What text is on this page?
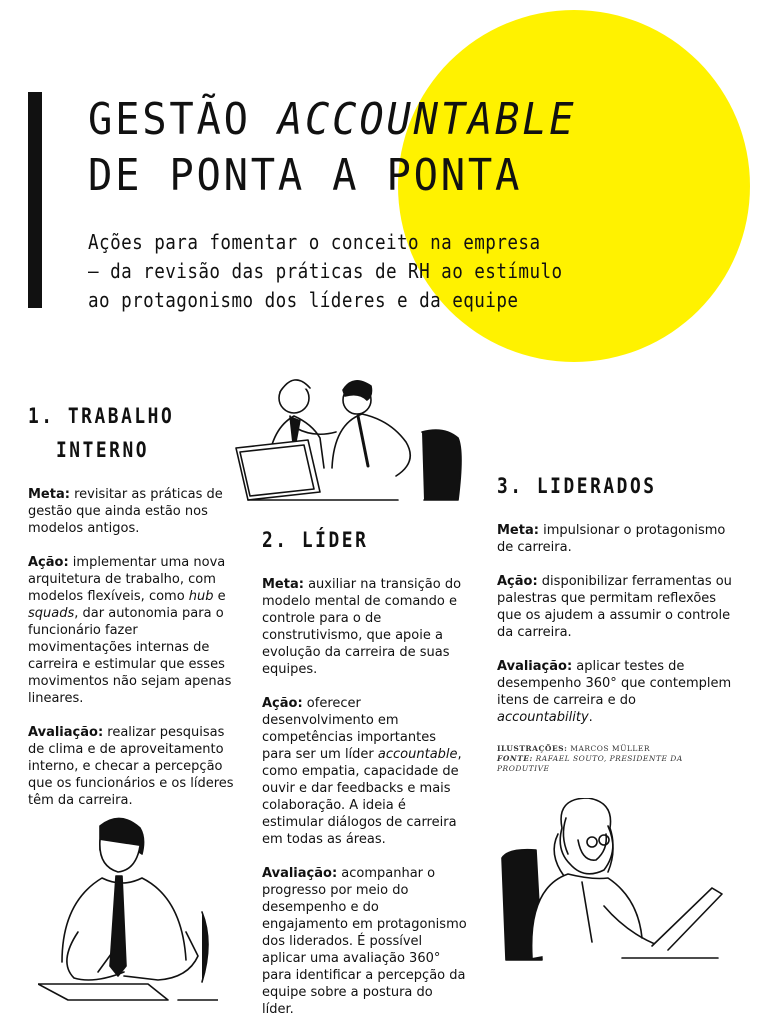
GESTÃO ACCOUNTABLE
DE PONTA A PONTA
Ações para fomentar o conceito na empresa
— da revisão das práticas de RH ao estímulo
ao protagonismo dos líderes e da equipe
1. TRABALHO
INTERNO
2. LÍDER
3. LIDERADOS

Meta: revisitar as práticas de gestão que ainda estão nos modelos antigos.

Ação: implementar uma nova arquitetura de trabalho, com modelos flexíveis, como hub e squads, dar autonomia para o funcionário fazer movimentações internas de carreira e estimular que esses movimentos não sejam apenas lineares.

Avaliação: realizar pesquisas de clima e de aproveitamento interno, e checar a percepção que os funcionários e os líderes têm da carreira.

Meta: auxiliar na transição do modelo mental de comando e controle para o de construtivismo, que apoie a evolução da carreira de suas equipes.

Ação: oferecer desenvolvimento em competências importantes para ser um líder accountable, como empatia, capacidade de ouvir e dar feedbacks e mais colaboração. A ideia é estimular diálogos de carreira em todas as áreas.

Avaliação: acompanhar o progresso por meio do desempenho e do engajamento em protagonismo dos liderados. É possível aplicar uma avaliação 360° para identificar a percepção da equipe sobre a postura do líder.

Meta: impulsionar o protagonismo de carreira.

Ação: disponibilizar ferramentas ou palestras que permitam reflexões que os ajudem a assumir o controle da carreira.

Avaliação: aplicar testes de desempenho 360° que contemplem itens de carreira e do accountability.

ILUSTRAÇÕES: MARCOS MÜLLER
FONTE: RAFAEL SOUTO, PRESIDENTE DA PRODUTIVE
